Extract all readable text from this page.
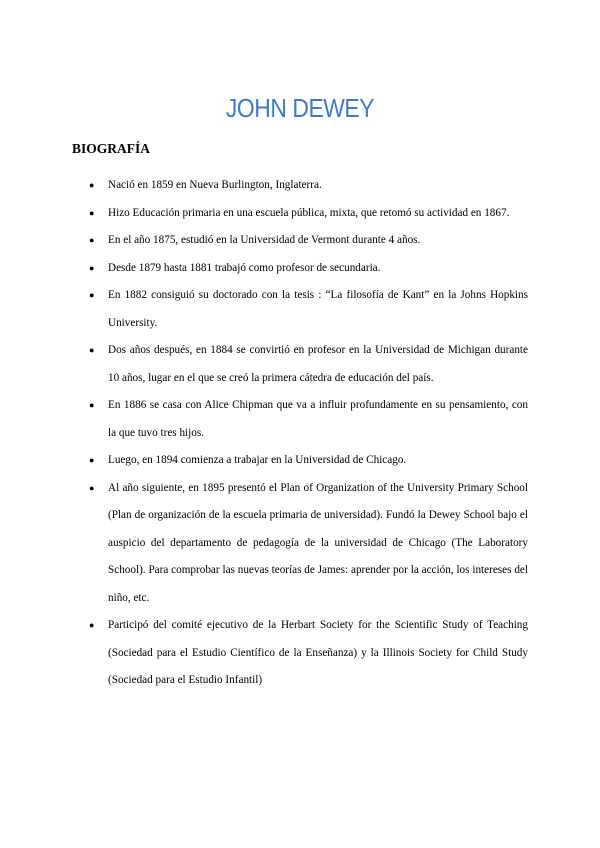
JOHN DEWEY
BIOGRAFÍA
● Nació en 1859 en Nueva Burlington, Inglaterra.
● Hizo Educación primaria en una escuela pública, mixta, que retomó su actividad en 1867.
● En el año 1875, estudió en la Universidad de Vermont durante 4 años.
● Desde 1879 hasta 1881 trabajó como profesor de secundaria.
● En 1882 consiguió su doctorado con la tesis : “La filosofía de Kant” en la Johns Hopkins University.
● Dos años después, en 1884 se convirtió en profesor en la Universidad de Michigan durante 10 años, lugar en el que se creó la primera cátedra de educación del país.
● En 1886 se casa con Alice Chipman que va a influir profundamente en su pensamiento, con la que tuvo tres hijos.
● Luego, en 1894 comienza a trabajar en la Universidad de Chicago.
● Al año siguiente, en 1895 presentó el Plan of Organization of the University Primary School (Plan de organización de la escuela primaria de universidad). Fundó la Dewey School bajo el auspicio del departamento de pedagogía de la universidad de Chicago (The Laboratory School). Para comprobar las nuevas teorías de James: aprender por la acción, los intereses del niño, etc.
● Participó del comité ejecutivo de la Herbart Society for the Scientific Study of Teaching (Sociedad para el Estudio Científico de la Enseñanza) y la Illinois Society for Child Study (Sociedad para el Estudio Infantil)
